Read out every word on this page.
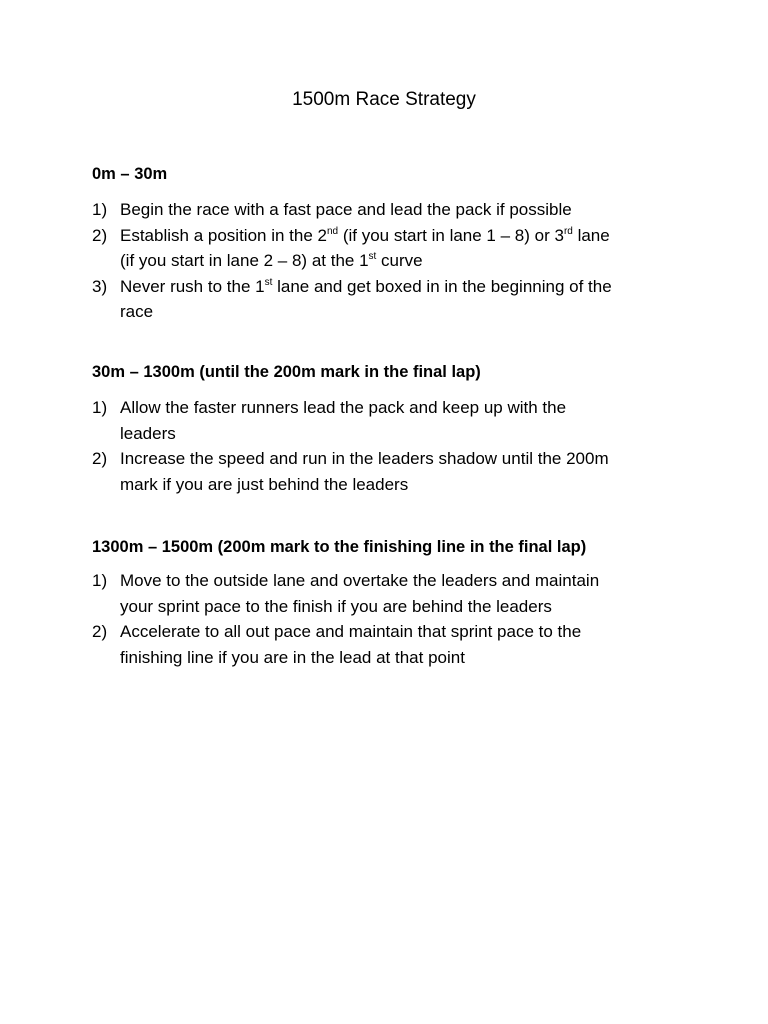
1500m Race Strategy
0m – 30m
1) Begin the race with a fast pace and lead the pack if possible
2) Establish a position in the 2nd (if you start in lane 1 – 8) or 3rd lane
(if you start in lane 2 – 8) at the 1st curve
3) Never rush to the 1st lane and get boxed in in the beginning of the
race
30m – 1300m (until the 200m mark in the final lap)
1) Allow the faster runners lead the pack and keep up with the
leaders
2) Increase the speed and run in the leaders shadow until the 200m
mark if you are just behind the leaders
1300m – 1500m (200m mark to the finishing line in the final lap)
1) Move to the outside lane and overtake the leaders and maintain
your sprint pace to the finish if you are behind the leaders
2) Accelerate to all out pace and maintain that sprint pace to the
finishing line if you are in the lead at that point
